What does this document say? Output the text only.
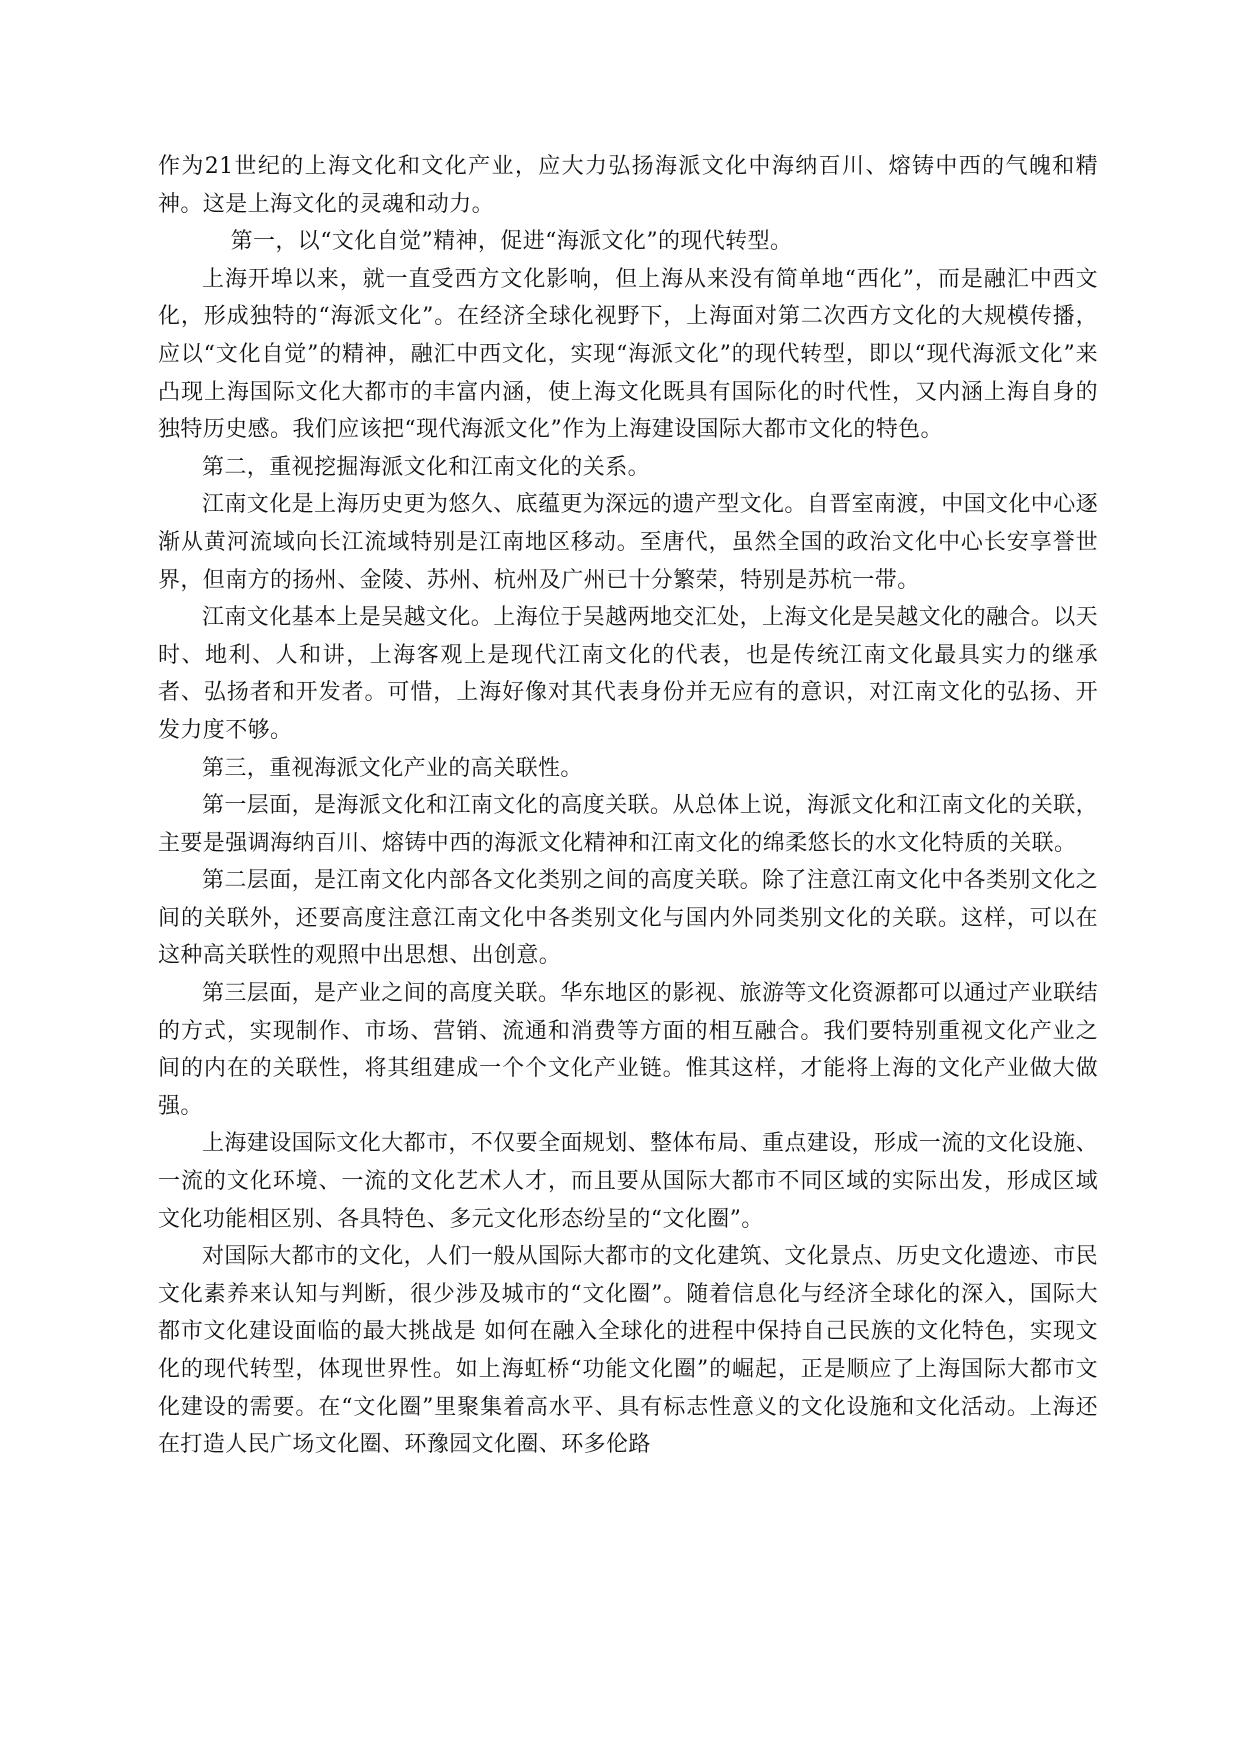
作为21世纪的上海文化和文化产业，应大力弘扬海派文化中海纳百川、熔铸中西的气魄和精神。这是上海文化的灵魂和动力。

第一，以“文化自觉”精神，促进“海派文化”的现代转型。

上海开埠以来，就一直受西方文化影响，但上海从来没有简单地“西化”，而是融汇中西文化，形成独特的“海派文化”。在经济全球化视野下，上海面对第二次西方文化的大规模传播，应以“文化自觉”的精神，融汇中西文化，实现“海派文化”的现代转型，即以“现代海派文化”来凸现上海国际文化大都市的丰富内涵，使上海文化既具有国际化的时代性，又内涵上海自身的独特历史感。我们应该把“现代海派文化”作为上海建设国际大都市文化的特色。

第二，重视挖掘海派文化和江南文化的关系。

江南文化是上海历史更为悠久、底蕴更为深远的遗产型文化。自晋室南渡，中国文化中心逐渐从黄河流域向长江流域特别是江南地区移动。至唐代，虽然全国的政治文化中心长安享誉世界，但南方的扬州、金陵、苏州、杭州及广州已十分繁荣，特别是苏杭一带。

江南文化基本上是吴越文化。上海位于吴越两地交汇处，上海文化是吴越文化的融合。以天时、地利、人和讲，上海客观上是现代江南文化的代表，也是传统江南文化最具实力的继承者、弘扬者和开发者。可惜，上海好像对其代表身份并无应有的意识，对江南文化的弘扬、开发力度不够。

第三，重视海派文化产业的高关联性。

第一层面，是海派文化和江南文化的高度关联。从总体上说，海派文化和江南文化的关联，主要是强调海纳百川、熔铸中西的海派文化精神和江南文化的绵柔悠长的水文化特质的关联。

第二层面，是江南文化内部各文化类别之间的高度关联。除了注意江南文化中各类别文化之间的关联外，还要高度注意江南文化中各类别文化与国内外同类别文化的关联。这样，可以在这种高关联性的观照中出思想、出创意。

第三层面，是产业之间的高度关联。华东地区的影视、旅游等文化资源都可以通过产业联结的方式，实现制作、市场、营销、流通和消费等方面的相互融合。我们要特别重视文化产业之间的内在的关联性，将其组建成一个个文化产业链。惟其这样，才能将上海的文化产业做大做强。

上海建设国际文化大都市，不仅要全面规划、整体布局、重点建设，形成一流的文化设施、一流的文化环境、一流的文化艺术人才，而且要从国际大都市不同区域的实际出发，形成区域文化功能相区别、各具特色、多元文化形态纷呈的“文化圈”。

对国际大都市的文化，人们一般从国际大都市的文化建筑、文化景点、历史文化遗迹、市民文化素养来认知与判断，很少涉及城市的“文化圈”。随着信息化与经济全球化的深入，国际大都市文化建设面临的最大挑战是 如何在融入全球化的进程中保持自己民族的文化特色，实现文化的现代转型，体现世界性。如上海虹桥“功能文化圈”的崛起，正是顺应了上海国际大都市文化建设的需要。在“文化圈”里聚集着高水平、具有标志性意义的文化设施和文化活动。上海还在打造人民广场文化圈、环豫园文化圈、环多伦路
